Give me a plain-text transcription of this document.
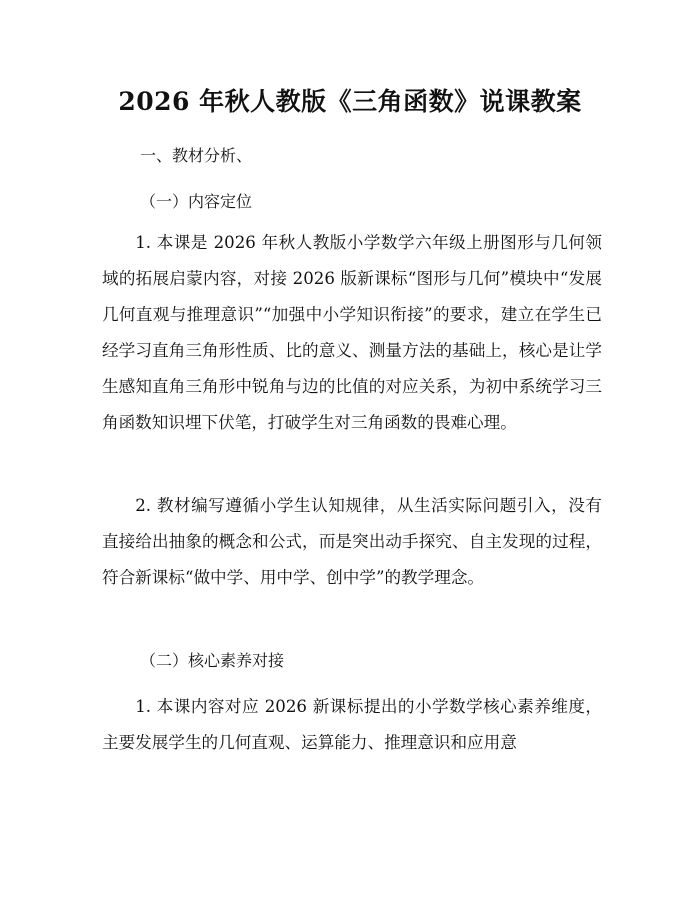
2026 年秋人教版《三角函数》说课教案
一、教材分析、
（一）内容定位

1. 本课是 2026 年秋人教版小学数学六年级上册图形与几何领域的拓展启蒙内容，对接 2026 版新课标“图形与几何”模块中“发展几何直观与推理意识”“加强中小学知识衔接”的要求，建立在学生已经学习直角三角形性质、比的意义、测量方法的基础上，核心是让学生感知直角三角形中锐角与边的比值的对应关系，为初中系统学习三角函数知识埋下伏笔，打破学生对三角函数的畏难心理。

2. 教材编写遵循小学生认知规律，从生活实际问题引入，没有直接给出抽象的概念和公式，而是突出动手探究、自主发现的过程，符合新课标“做中学、用中学、创中学”的教学理念。

（二）核心素养对接

1. 本课内容对应 2026 新课标提出的小学数学核心素养维度，主要发展学生的几何直观、运算能力、推理意识和应用意
